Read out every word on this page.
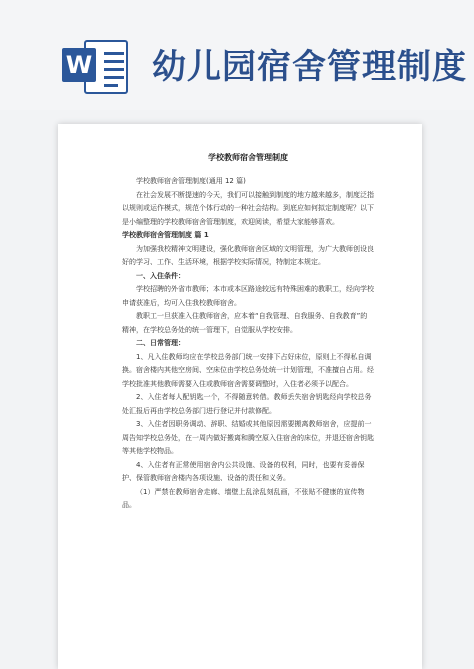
W 幼儿园宿舍管理制度
学校教师宿舍管理制度

学校教师宿舍管理制度(通用 12 篇)

在社会发展不断提速的今天，我们可以接触到制度的地方越来越多，制度泛指以规则或运作模式，规范个体行动的一种社会结构。到底应如何拟定制度呢？以下是小编整理的学校教师宿舍管理制度，欢迎阅读，希望大家能够喜欢。

学校教师宿舍管理制度 篇 1

为加强我校精神文明建设，强化教师宿舍区域的文明管理，为广大教师创设良好的学习、工作、生活环境，根据学校实际情况，特制定本规定。

一、入住条件：

学校招聘的外省市教师；本市或本区路途较远有特殊困难的教职工，经向学校申请获准后，均可入住我校教师宿舍。

教职工一旦获准入住教师宿舍，应本着“自我管理、自我服务、自我教育”的精神，在学校总务处的统一管理下，自觉服从学校安排。

二、日常管理：

1、凡入住教师均应在学校总务部门统一安排下占好床位，原则上不得私自调换。宿舍楼内其他空房间、空床位由学校总务处统一计划管理，不准擅自占用。经学校批准其他教师需要入住或教师宿舍需要调整时，入住者必须予以配合。

2、入住者每人配钥匙一个，不得随意转借。教师丢失宿舍钥匙经向学校总务处汇报后再由学校总务部门进行登记并付款修配。

3、入住者因职务调动、辞职、结婚或其他原因需要搬离教师宿舍，应提前一周告知学校总务处，在一周内做好搬离和腾空原入住宿舍的床位，并退还宿舍钥匙等其他学校物品。

4、入住者有正常使用宿舍内公共设施、设备的权利，同时，也要有妥善保护、保管教师宿舍楼内各项设施、设备的责任和义务。

（1）严禁在教师宿舍走廊、墙壁上乱涂乱刻乱画，不张贴不健康的宣传物品。
